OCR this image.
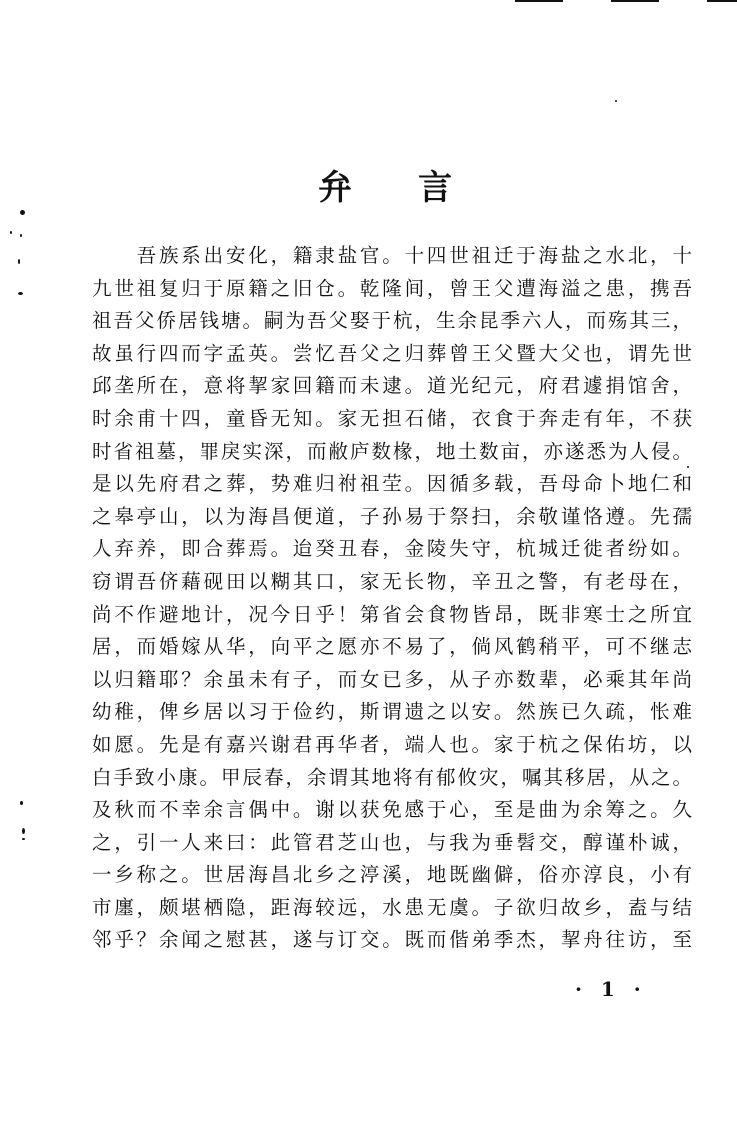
弁 言
　　吾族系出安化，籍隶盐官。十四世祖迁于海盐之水北，十
九世祖复归于原籍之旧仓。乾隆间，曾王父遭海溢之患，携吾
祖吾父侨居钱塘。嗣为吾父娶于杭，生余昆季六人，而殇其三，
故虽行四而字孟英。尝忆吾父之归葬曾王父暨大父也，谓先世
邱垄所在，意将挈家回籍而未逮。道光纪元，府君遽捐馆舍，
时余甫十四，童昏无知。家无担石储，衣食于奔走有年，不获
时省祖墓，罪戾实深，而敝庐数椽，地土数亩，亦遂悉为人侵。
是以先府君之葬，势难归祔祖茔。因循多载，吾母命卜地仁和
之皋亭山，以为海昌便道，子孙易于祭扫，余敬谨恪遵。先孺
人弃养，即合葬焉。迨癸丑春，金陵失守，杭城迁徙者纷如。
窃谓吾侪藉砚田以糊其口，家无长物，辛丑之警，有老母在，
尚不作避地计，况今日乎！第省会食物皆昂，既非寒士之所宜
居，而婚嫁从华，向平之愿亦不易了，倘风鹤稍平，可不继志
以归籍耶？余虽未有子，而女已多，从子亦数辈，必乘其年尚
幼稚，俾乡居以习于俭约，斯谓遗之以安。然族已久疏，怅难
如愿。先是有嘉兴谢君再华者，端人也。家于杭之保佑坊，以
白手致小康。甲辰春，余谓其地将有郁攸灾，嘱其移居，从之。
及秋而不幸余言偶中。谢以获免感于心，至是曲为余筹之。久
之，引一人来曰：此管君芝山也，与我为垂髫交，醇谨朴诚，
一乡称之。世居海昌北乡之渟溪，地既幽僻，俗亦淳良，小有
市廛，颇堪栖隐，距海较远，水患无虞。子欲归故乡，盍与结
邻乎？余闻之慰甚，遂与订交。既而偕弟季杰，挈舟往访，至
· 1 ·
